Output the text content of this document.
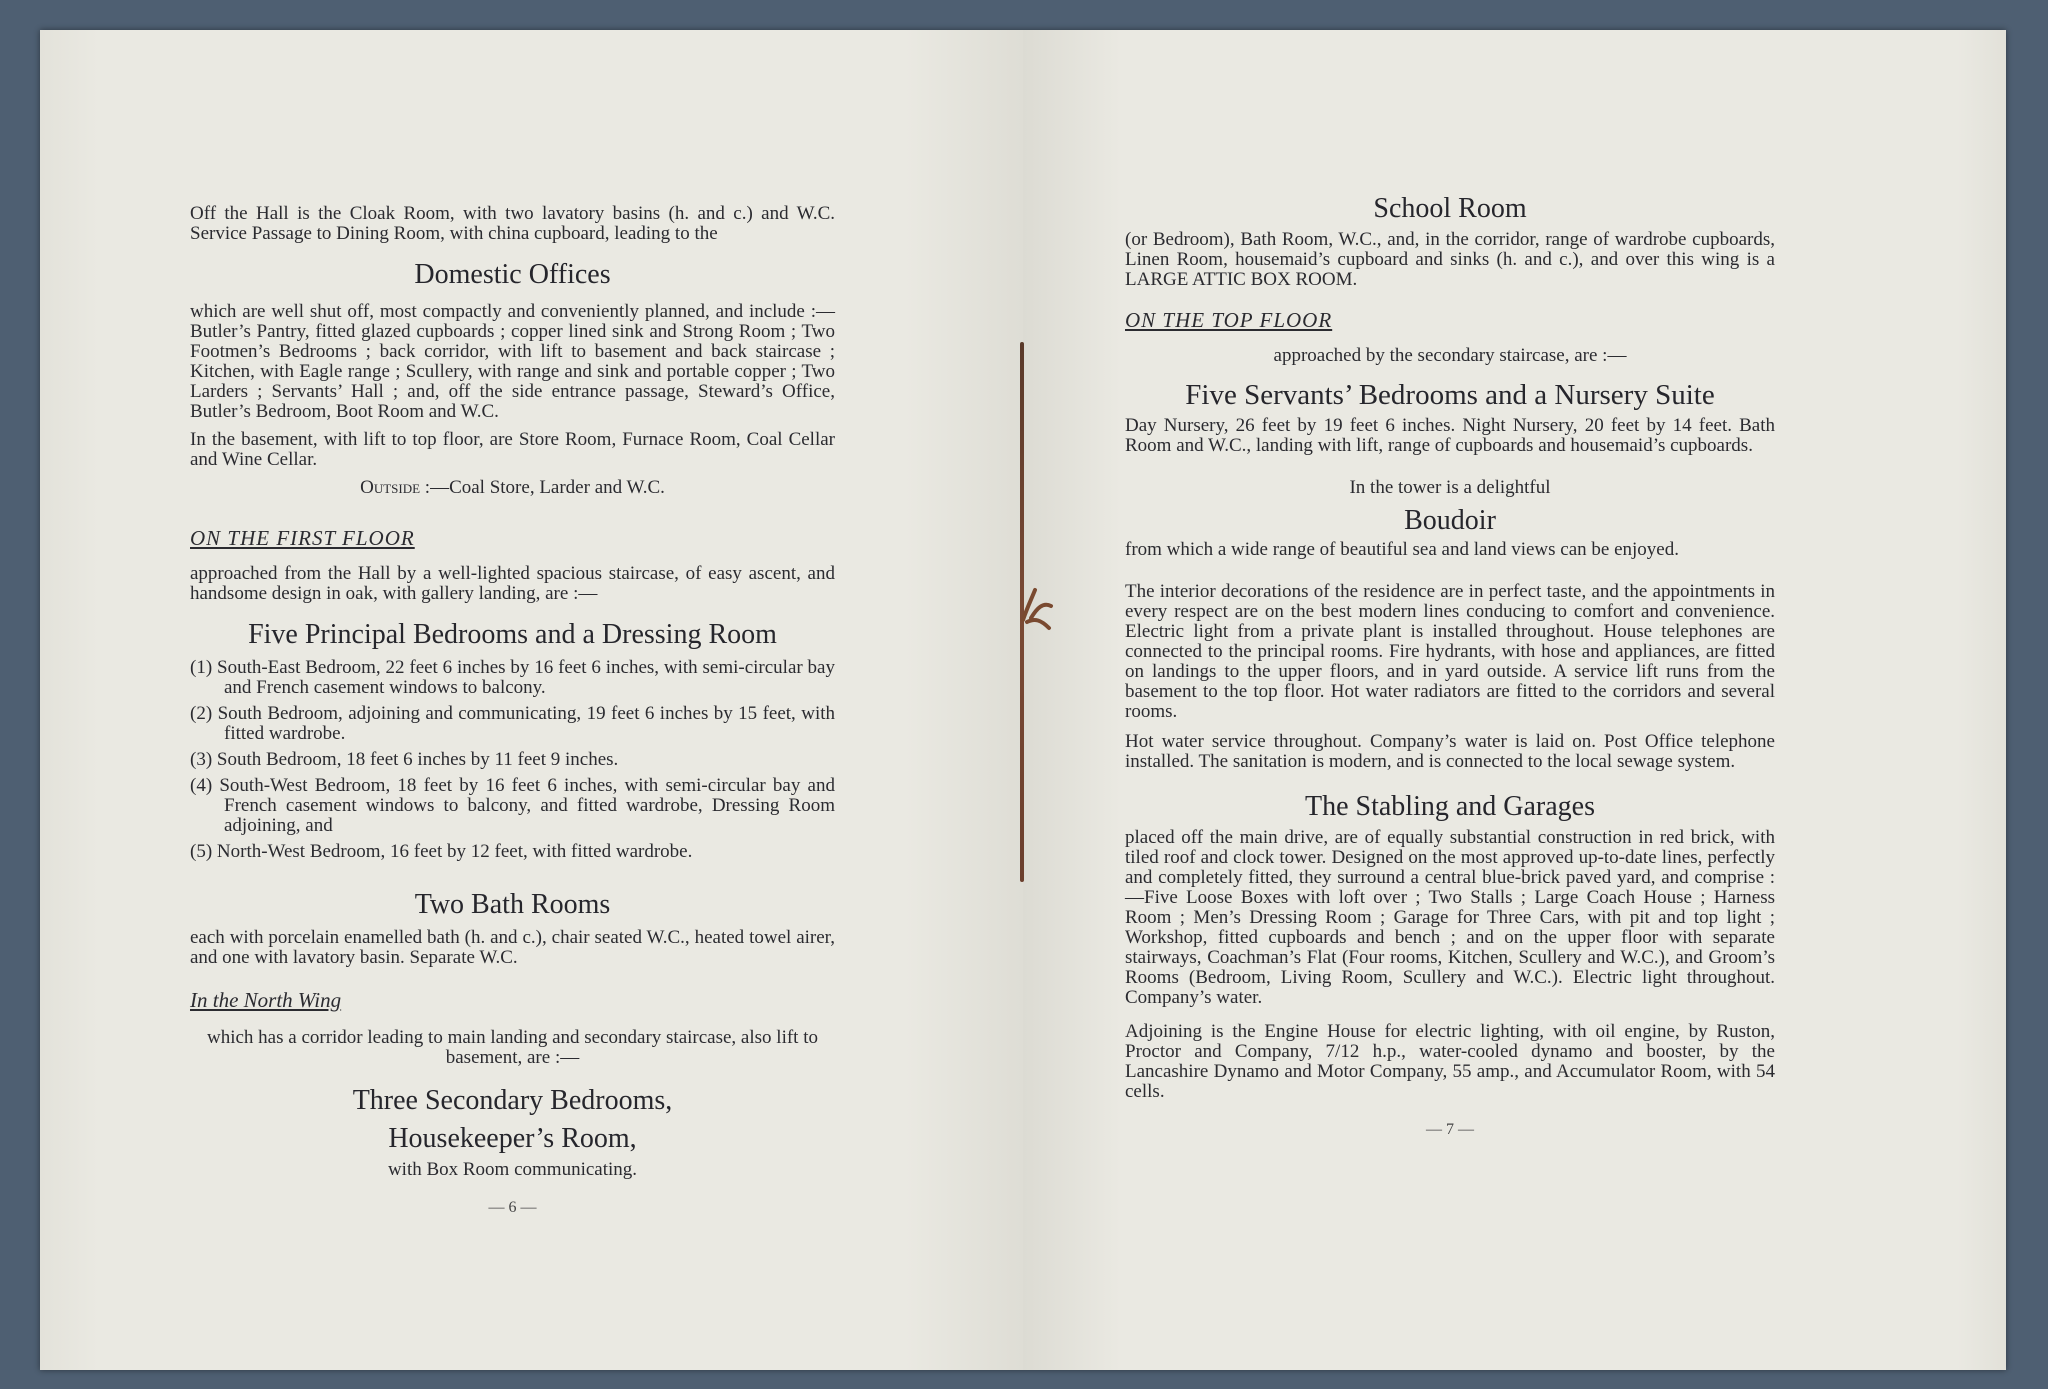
Off the Hall is the Cloak Room, with two lavatory basins (h. and c.) and W.C. Service Passage to Dining Room, with china cupboard, leading to the

Domestic Offices

which are well shut off, most compactly and conveniently planned, and include :—Butler’s Pantry, fitted glazed cupboards ; copper lined sink and Strong Room ; Two Footmen’s Bedrooms ; back corridor, with lift to basement and back staircase ; Kitchen, with Eagle range ; Scullery, with range and sink and portable copper ; Two Larders ; Servants’ Hall ; and, off the side entrance passage, Steward’s Office, Butler’s Bedroom, Boot Room and W.C.

In the basement, with lift to top floor, are Store Room, Furnace Room, Coal Cellar and Wine Cellar.

Outside :—Coal Store, Larder and W.C.

ON THE FIRST FLOOR

approached from the Hall by a well-lighted spacious staircase, of easy ascent, and handsome design in oak, with gallery landing, are :—

Five Principal Bedrooms and a Dressing Room

(1) South-East Bedroom, 22 feet 6 inches by 16 feet 6 inches, with semi-circular bay and French casement windows to balcony.

(2) South Bedroom, adjoining and communicating, 19 feet 6 inches by 15 feet, with fitted wardrobe.

(3) South Bedroom, 18 feet 6 inches by 11 feet 9 inches.

(4) South-West Bedroom, 18 feet by 16 feet 6 inches, with semi-circular bay and French casement windows to balcony, and fitted wardrobe, Dressing Room adjoining, and

(5) North-West Bedroom, 16 feet by 12 feet, with fitted wardrobe.

Two Bath Rooms

each with porcelain enamelled bath (h. and c.), chair seated W.C., heated towel airer, and one with lavatory basin. Separate W.C.

In the North Wing

which has a corridor leading to main landing and secondary staircase, also lift to basement, are :—

Three Secondary Bedrooms,
Housekeeper’s Room,

with Box Room communicating.

— 6 —

School Room

(or Bedroom), Bath Room, W.C., and, in the corridor, range of wardrobe cupboards, Linen Room, housemaid’s cupboard and sinks (h. and c.), and over this wing is a LARGE ATTIC BOX ROOM.

ON THE TOP FLOOR

approached by the secondary staircase, are :—

Five Servants’ Bedrooms and a Nursery Suite

Day Nursery, 26 feet by 19 feet 6 inches. Night Nursery, 20 feet by 14 feet. Bath Room and W.C., landing with lift, range of cupboards and housemaid’s cupboards.

In the tower is a delightful

Boudoir

from which a wide range of beautiful sea and land views can be enjoyed.

The interior decorations of the residence are in perfect taste, and the appointments in every respect are on the best modern lines conducing to comfort and convenience. Electric light from a private plant is installed throughout. House telephones are connected to the principal rooms. Fire hydrants, with hose and appliances, are fitted on landings to the upper floors, and in yard outside. A service lift runs from the basement to the top floor. Hot water radiators are fitted to the corridors and several rooms.

Hot water service throughout. Company’s water is laid on. Post Office telephone installed. The sanitation is modern, and is connected to the local sewage system.

The Stabling and Garages

placed off the main drive, are of equally substantial construction in red brick, with tiled roof and clock tower. Designed on the most approved up-to-date lines, perfectly and completely fitted, they surround a central blue-brick paved yard, and comprise :—Five Loose Boxes with loft over ; Two Stalls ; Large Coach House ; Harness Room ; Men’s Dressing Room ; Garage for Three Cars, with pit and top light ; Workshop, fitted cupboards and bench ; and on the upper floor with separate stairways, Coachman’s Flat (Four rooms, Kitchen, Scullery and W.C.), and Groom’s Rooms (Bedroom, Living Room, Scullery and W.C.). Electric light throughout. Company’s water.

Adjoining is the Engine House for electric lighting, with oil engine, by Ruston, Proctor and Company, 7/12 h.p., water-cooled dynamo and booster, by the Lancashire Dynamo and Motor Company, 55 amp., and Accumulator Room, with 54 cells.

— 7 —
